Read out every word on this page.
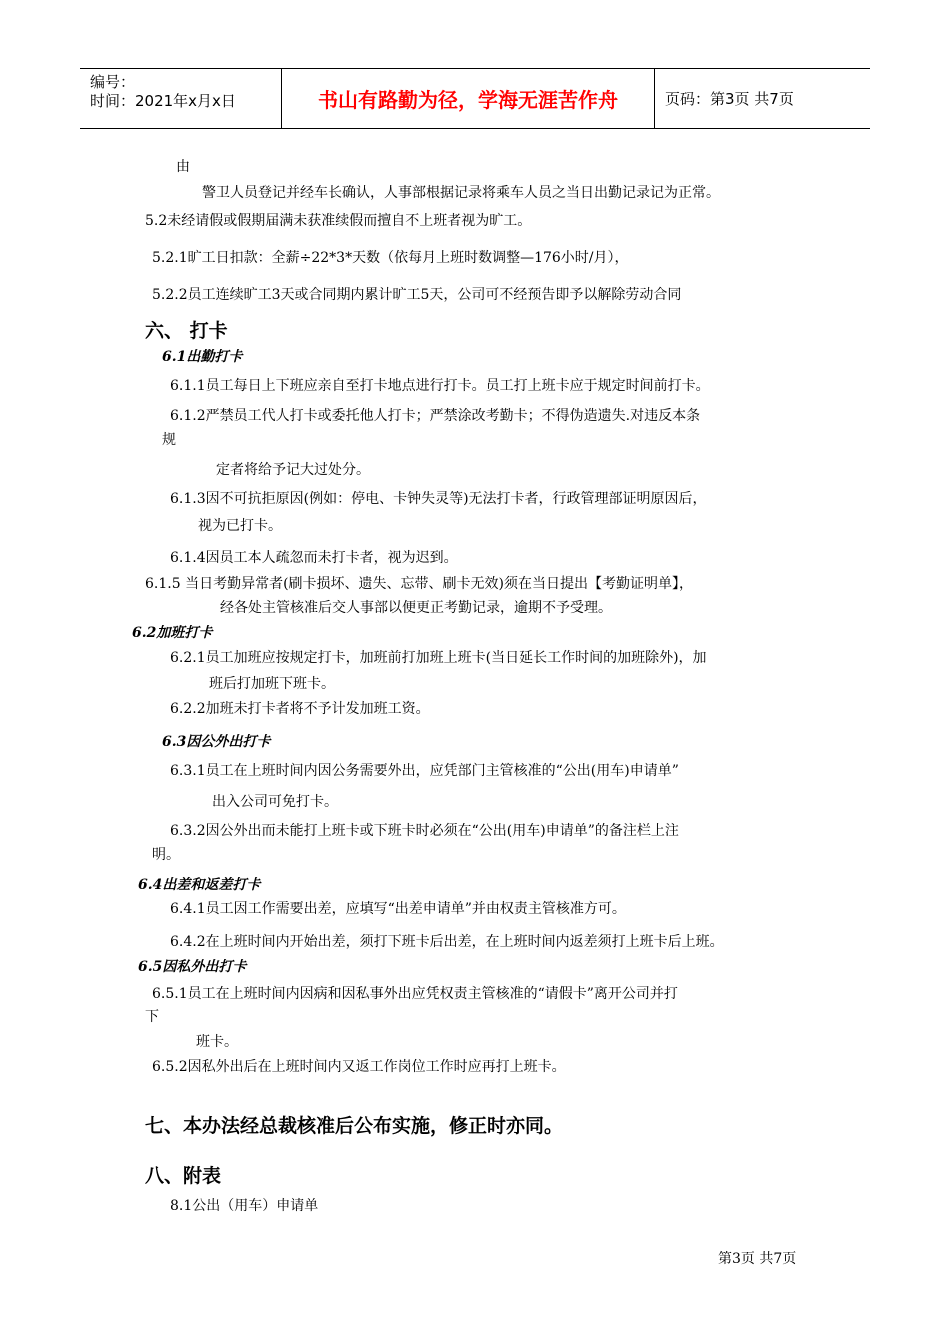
编号：
时间：2021年x月x日	书山有路勤为径，学海无涯苦作舟	页码：第3页 共7页
由
警卫人员登记并经车长确认，人事部根据记录将乘车人员之当日出勤记录记为正常。
5.2未经请假或假期届满未获准续假而擅自不上班者视为旷工。
5.2.1旷工日扣款：全薪÷22*3*天数（依每月上班时数调整—176小时/月），
5.2.2员工连续旷工3天或合同期内累计旷工5天，公司可不经预告即予以解除劳动合同
六、 打卡
6.1出勤打卡
6.1.1员工每日上下班应亲自至打卡地点进行打卡。员工打上班卡应于规定时间前打卡。
6.1.2严禁员工代人打卡或委托他人打卡；严禁涂改考勤卡；不得伪造遗失.对违反本条
规
定者将给予记大过处分。
6.1.3因不可抗拒原因(例如：停电、卡钟失灵等)无法打卡者，行政管理部证明原因后，
视为已打卡。
6.1.4因员工本人疏忽而未打卡者，视为迟到。
6.1.5 当日考勤异常者(刷卡损坏、遗失、忘带、刷卡无效)须在当日提出【考勤证明单】，
经各处主管核准后交人事部以便更正考勤记录，逾期不予受理。
6.2加班打卡
6.2.1员工加班应按规定打卡，加班前打加班上班卡(当日延长工作时间的加班除外)，加
班后打加班下班卡。
6.2.2加班未打卡者将不予计发加班工资。
6.3因公外出打卡
6.3.1员工在上班时间内因公务需要外出，应凭部门主管核准的“公出(用车)申请单”
出入公司可免打卡。
6.3.2因公外出而未能打上班卡或下班卡时必须在“公出(用车)申请单”的备注栏上注
明。
6.4出差和返差打卡
6.4.1员工因工作需要出差，应填写“出差申请单”并由权责主管核准方可。
6.4.2在上班时间内开始出差，须打下班卡后出差，在上班时间内返差须打上班卡后上班。
6.5因私外出打卡
6.5.1员工在上班时间内因病和因私事外出应凭权责主管核准的“请假卡”离开公司并打
下
班卡。
6.5.2因私外出后在上班时间内又返工作岗位工作时应再打上班卡。
七、本办法经总裁核准后公布实施，修正时亦同。
八、附表
8.1公出（用车）申请单
第3页 共7页
